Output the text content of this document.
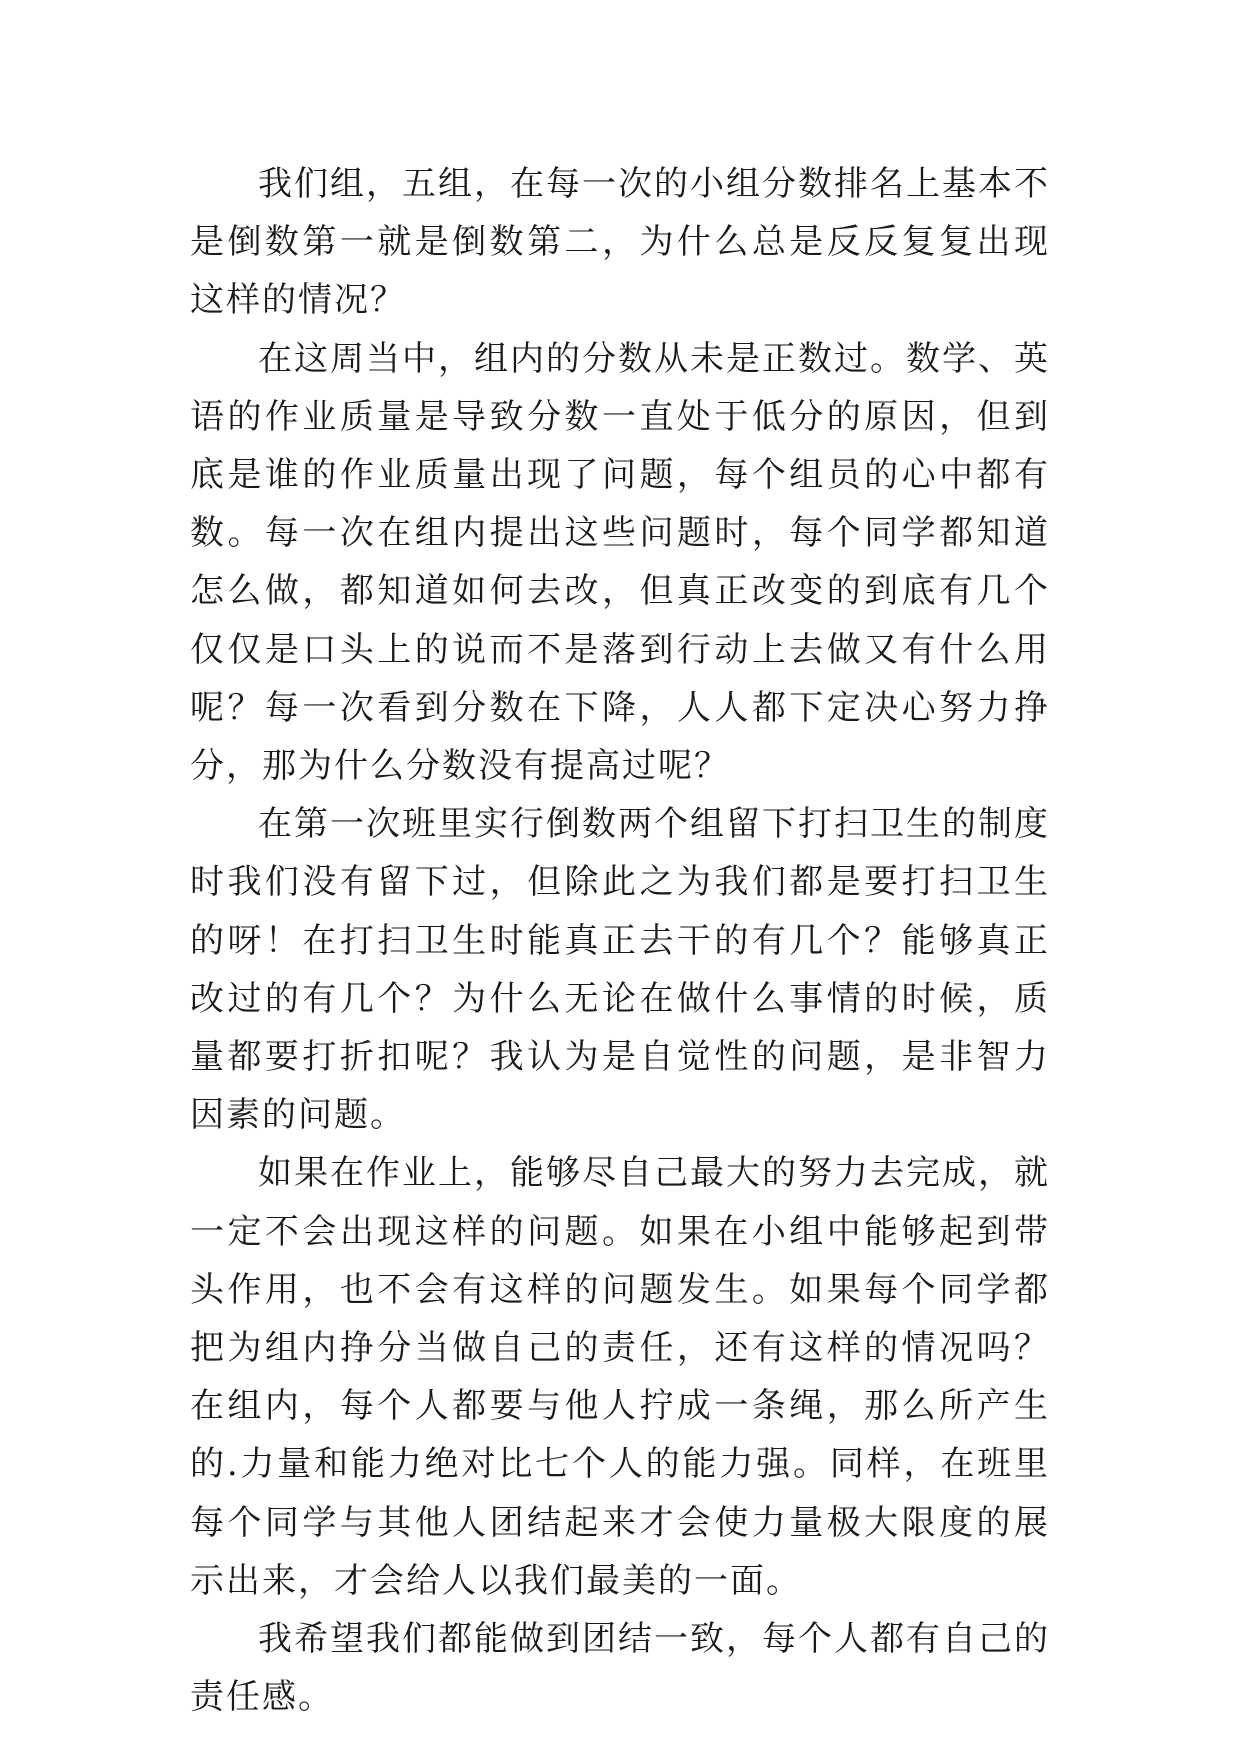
我们组，五组，在每一次的小组分数排名上基本不是倒数第一就是倒数第二，为什么总是反反复复出现这样的情况？

在这周当中，组内的分数从未是正数过。数学、英语的作业质量是导致分数一直处于低分的原因，但到底是谁的作业质量出现了问题，每个组员的心中都有数。每一次在组内提出这些问题时，每个同学都知道怎么做，都知道如何去改，但真正改变的到底有几个仅仅是口头上的说而不是落到行动上去做又有什么用呢？每一次看到分数在下降，人人都下定决心努力挣分，那为什么分数没有提高过呢？

在第一次班里实行倒数两个组留下打扫卫生的制度时我们没有留下过，但除此之为我们都是要打扫卫生的呀！在打扫卫生时能真正去干的有几个？能够真正改过的有几个？为什么无论在做什么事情的时候，质量都要打折扣呢？我认为是自觉性的问题，是非智力因素的问题。

如果在作业上，能够尽自己最大的努力去完成，就一定不会出现这样的问题。如果在小组中能够起到带头作用，也不会有这样的问题发生。如果每个同学都把为组内挣分当做自己的责任，还有这样的情况吗？在组内，每个人都要与他人拧成一条绳，那么所产生的.力量和能力绝对比七个人的能力强。同样，在班里每个同学与其他人团结起来才会使力量极大限度的展示出来，才会给人以我们最美的一面。

我希望我们都能做到团结一致，每个人都有自己的责任感。
